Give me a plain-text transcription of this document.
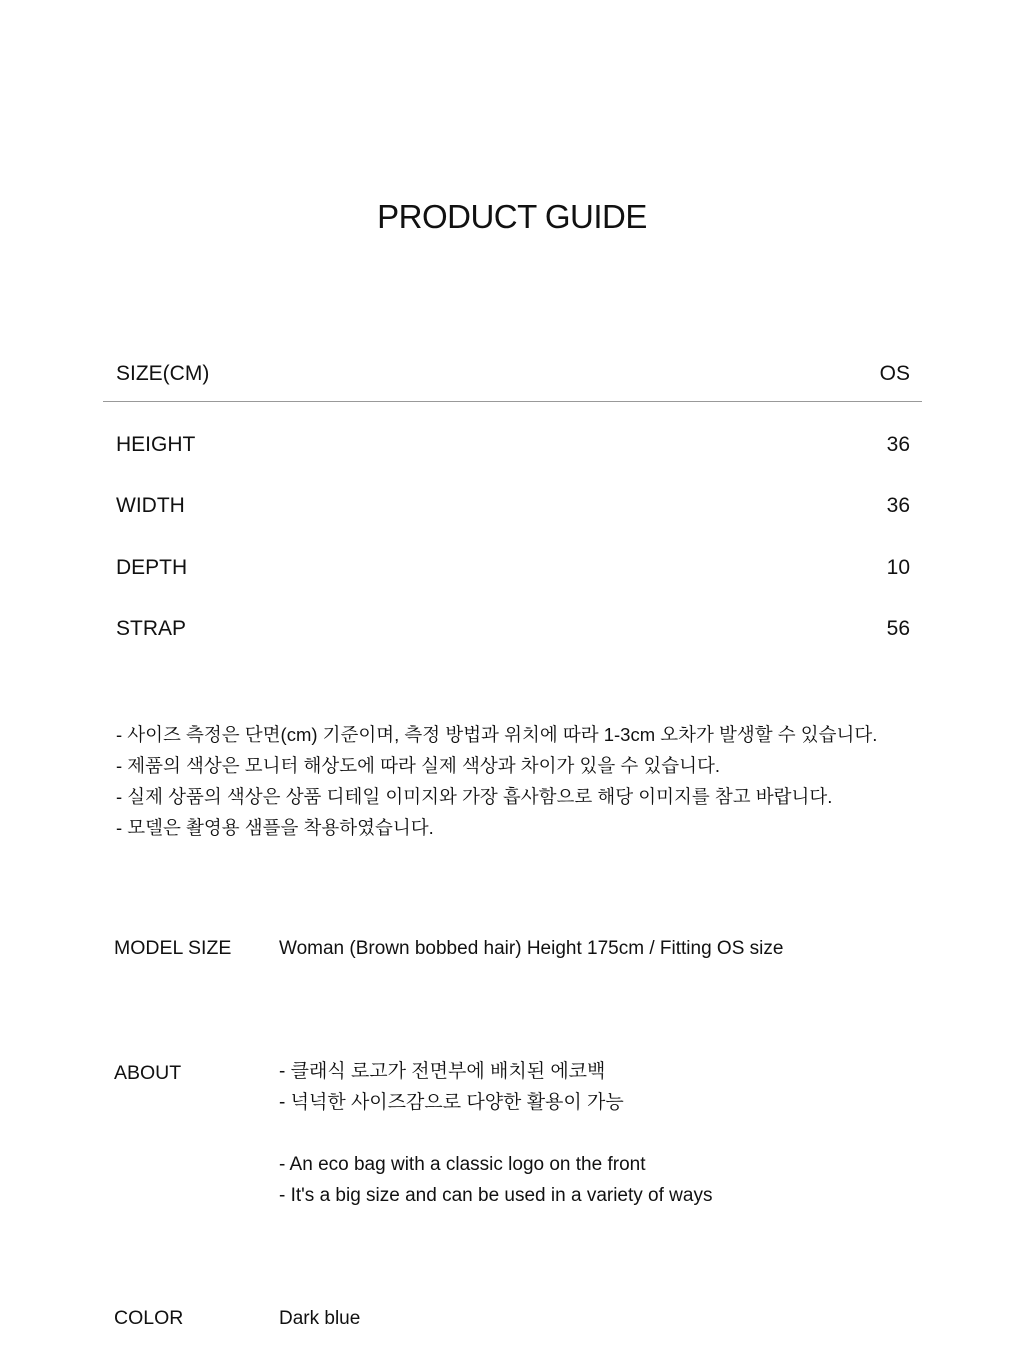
PRODUCT GUIDE
SIZE(CM)	OS
HEIGHT	36
WIDTH	36
DEPTH	10
STRAP	56
- 사이즈 측정은 단면(cm) 기준이며, 측정 방법과 위치에 따라 1-3cm 오차가 발생할 수 있습니다.
- 제품의 색상은 모니터 해상도에 따라 실제 색상과 차이가 있을 수 있습니다.
- 실제 상품의 색상은 상품 디테일 이미지와 가장 흡사함으로 해당 이미지를 참고 바랍니다.
- 모델은 촬영용 샘플을 착용하였습니다.
MODEL SIZE	Woman (Brown bobbed hair) Height 175cm / Fitting OS size
ABOUT	- 클래식 로고가 전면부에 배치된 에코백
- 넉넉한 사이즈감으로 다양한 활용이 가능
- An eco bag with a classic logo on the front
- It's a big size and can be used in a variety of ways
COLOR	Dark blue
